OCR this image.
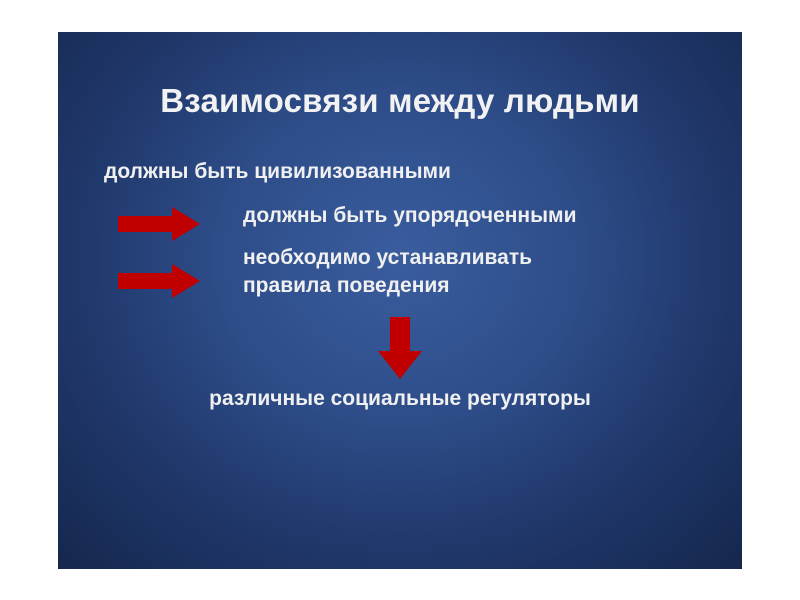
Взаимосвязи между людьми
должны быть цивилизованными
должны быть упорядоченными
необходимо устанавливать
правила поведения
различные социальные регуляторы
